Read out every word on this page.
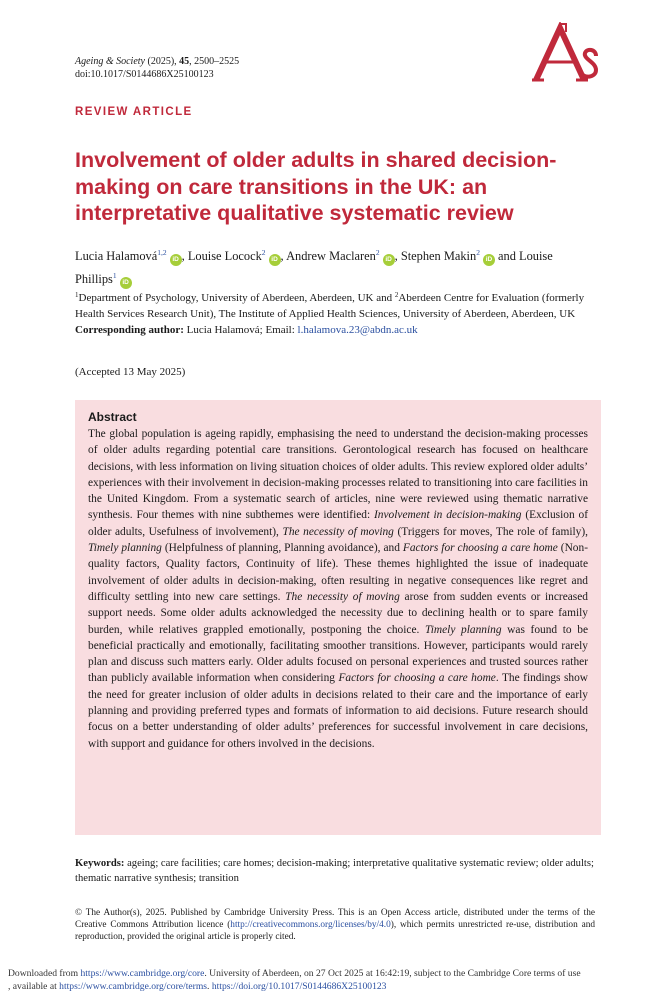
Ageing & Society (2025), 45, 2500–2525
doi:10.1017/S0144686X25100123
REVIEW ARTICLE
Involvement of older adults in shared decision-making on care transitions in the UK: an interpretative qualitative systematic review
Lucia Halamová$^{1,2}$iD , Louise Locock$^2$iD , Andrew Maclaren$^2$iD , Stephen Makin$^2$iD and Louise Phillips$^1$iD
$^1$Department of Psychology, University of Aberdeen, Aberdeen, UK and $^2$Aberdeen Centre for Evaluation (formerly Health Services Research Unit), The Institute of Applied Health Sciences, University of Aberdeen, Aberdeen, UK
Corresponding author: Lucia Halamová; Email: l.halamova.23@abdn.ac.uk
(Accepted 13 May 2025)
Abstract

The global population is ageing rapidly, emphasising the need to understand the decision-making processes of older adults regarding potential care transitions. Gerontological research has focused on healthcare decisions, with less information on living situation choices of older adults. This review explored older adults’ experiences with their involvement in decision-making processes related to transitioning into care facilities in the United Kingdom. From a systematic search of articles, nine were reviewed using thematic narrative synthesis. Four themes with nine subthemes were identified: Involvement in decision-making (Exclusion of older adults, Usefulness of involvement), The necessity of moving (Triggers for moves, The role of family), Timely planning (Helpfulness of planning, Planning avoidance), and Factors for choosing a care home (Non-quality factors, Quality factors, Continuity of life). These themes highlighted the issue of inadequate involvement of older adults in decision-making, often resulting in negative consequences like regret and difficulty settling into new care settings. The necessity of moving arose from sudden events or increased support needs. Some older adults acknowledged the necessity due to declining health or to spare family burden, while relatives grappled emotionally, postponing the choice. Timely planning was found to be beneficial practically and emotionally, facilitating smoother transitions. However, participants would rarely plan and discuss such matters early. Older adults focused on personal experiences and trusted sources rather than publicly available information when considering Factors for choosing a care home. The findings show the need for greater inclusion of older adults in decisions related to their care and the importance of early planning and providing preferred types and formats of information to aid decisions. Future research should focus on a better understanding of older adults’ preferences for successful involvement in care decisions, with support and guidance for others involved in the decisions.

Keywords: ageing; care facilities; care homes; decision-making; interpretative qualitative systematic review; older adults; thematic narrative synthesis; transition
© The Author(s), 2025. Published by Cambridge University Press. This is an Open Access article, distributed under the terms of the Creative Commons Attribution licence (http://creativecommons.org/licenses/by/4.0), which permits unrestricted re-use, distribution and reproduction, provided the original article is properly cited.
Downloaded from https://www.cambridge.org/core. University of Aberdeen, on 27 Oct 2025 at 16:42:19, subject to the Cambridge Core terms of use
, available at https://www.cambridge.org/core/terms. https://doi.org/10.1017/S0144686X25100123
